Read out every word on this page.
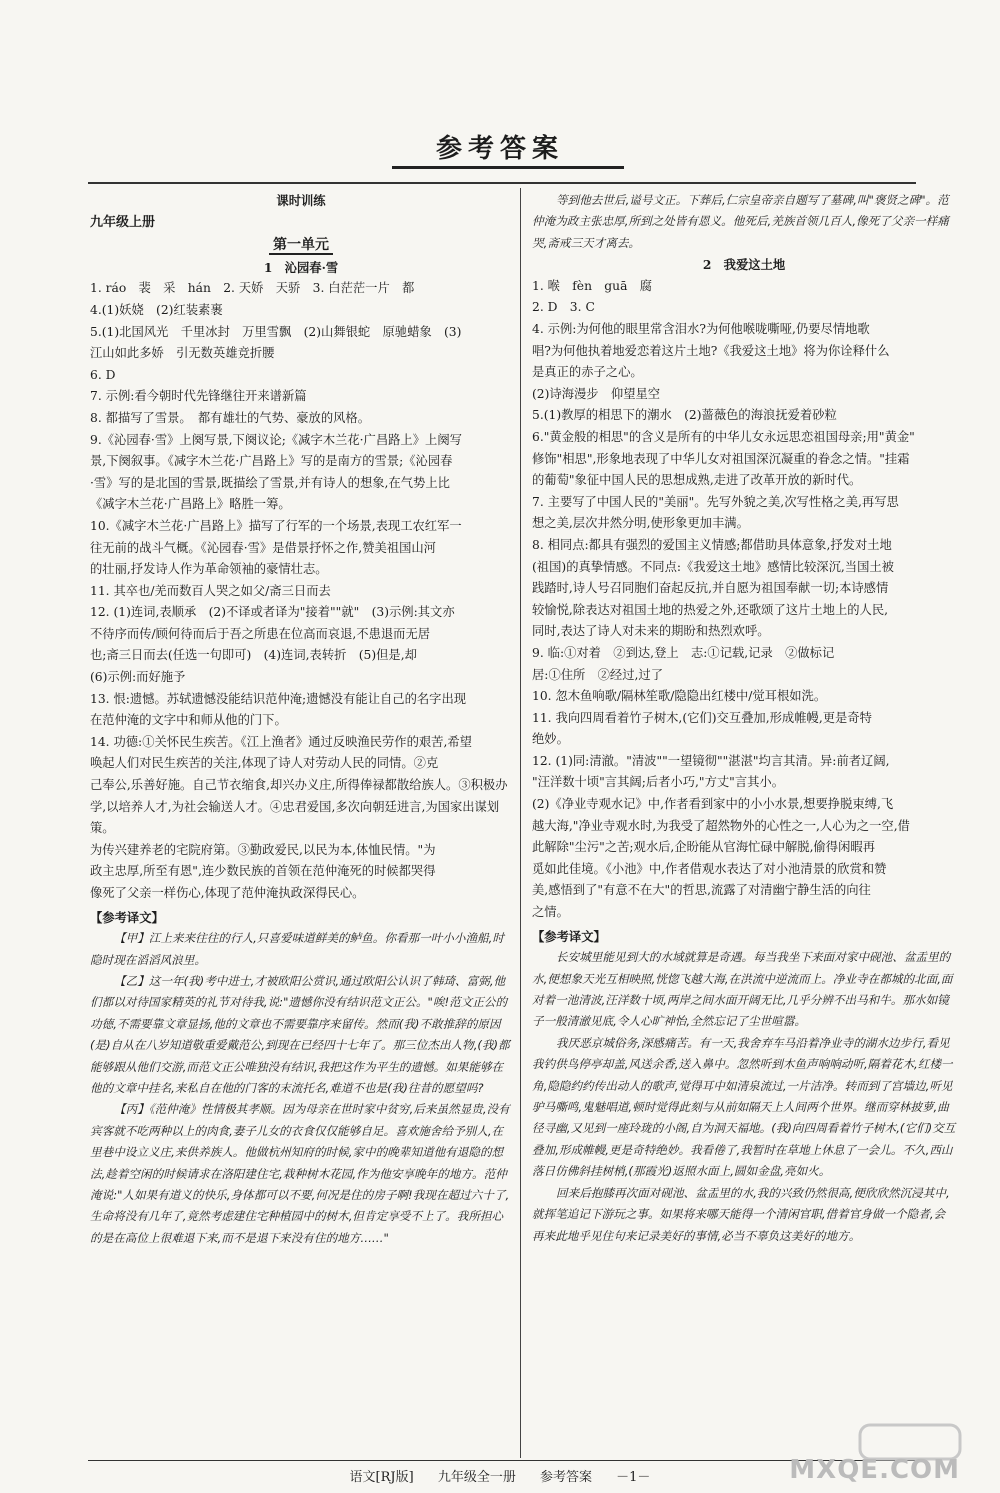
参考答案
课时训练
九年级上册
第一单元
1　沁园春·雪
1. ráo　裴　采　hán　2. 天娇　天骄　3. 白茫茫一片　都
4.(1)妖娆　(2)红装素裹
5.(1)北国风光　千里冰封　万里雪飘　(2)山舞银蛇　原驰蜡象　(3)
江山如此多娇　引无数英雄竞折腰
6. D
7. 示例:看今朝时代先锋继往开来谱新篇
8. 都描写了雪景。　都有雄壮的气势、豪放的风格。
9.《沁园春·雪》上阕写景,下阕议论;《减字木兰花·广昌路上》上阕写
景,下阕叙事。《减字木兰花·广昌路上》写的是南方的雪景;《沁园春
·雪》写的是北国的雪景,既描绘了雪景,并有诗人的想象,在气势上比
《减字木兰花·广昌路上》略胜一筹。
10.《减字木兰花·广昌路上》描写了行军的一个场景,表现工农红军一
往无前的战斗气概。《沁园春·雪》是借景抒怀之作,赞美祖国山河
的壮丽,抒发诗人作为革命领袖的豪情壮志。
11. 其卒也/羌而数百人哭之如父/斋三日而去
12. (1)连词,表顺承　(2)不译或者译为"接着""就"　(3)示例:其文亦
不待序而传/顾何待而后于吾之所患在位高而哀退,不患退而无居
也;斋三日而去(任选一句即可)　(4)连词,表转折　(5)但是,却
(6)示例:而好施予
13. 恨:遗憾。苏轼遗憾没能结识范仲淹;遗憾没有能让自己的名字出现
在范仲淹的文字中和师从他的门下。
14. 功德:①关怀民生疾苦。《江上渔者》通过反映渔民劳作的艰苦,希望
唤起人们对民生疾苦的关注,体现了诗人对劳动人民的同情。②克
己奉公,乐善好施。自己节衣缩食,却兴办义庄,所得俸禄都散给族人。③积极办学,以培养人才,为社会输送人才。④忠君爱国,多次向朝廷进言,为国家出谋划策。
为传兴建养老的宅院府第。③勤政爱民,以民为本,体恤民情。"为
政主忠厚,所至有恩",连少数民族的首领在范仲淹死的时候都哭得
像死了父亲一样伤心,体现了范仲淹执政深得民心。
【参考译文】

【甲】江上来来往往的行人,只喜爱味道鲜美的鲈鱼。你看那一叶小小渔船,时隐时现在滔滔风浪里。

【乙】这一年(我)考中进士,才被欧阳公赏识,通过欧阳公认识了韩琦、富弼,他们都以对待国家精英的礼节对待我,说:"遗憾你没有结识范文正公。"唉!范文正公的功德,不需要靠文章显扬,他的文章也不需要靠序来留传。然而(我)不敢推辞的原因(是)自从在八岁知道敬重爱戴范公,到现在已经四十七年了。那三位杰出人物,(我)都能够跟从他们交游,而范文正公唯独没有结识,我把这作为平生的遗憾。如果能够在他的文章中挂名,来私自在他的门客的末流托名,难道不也是(我)往昔的愿望吗?

【丙】《范仲淹》性情极其孝顺。因为母亲在世时家中贫穷,后来虽然显贵,没有宾客就不吃两种以上的肉食,妻子儿女的衣食仅仅能够自足。喜欢施舍给予别人,在里巷中设立义庄,来供养族人。他做杭州知府的时候,家中的晚辈知道他有退隐的想法,趁着空闲的时候请求在洛阳建住宅,栽种树木花园,作为他安享晚年的地方。范仲淹说:"人如果有道义的快乐,身体都可以不要,何况是住的房子啊!我现在超过六十了,生命将没有几年了,竟然考虑建住宅种植园中的树木,但肯定享受不上了。我所担心的是在高位上很难退下来,而不是退下来没有住的地方……"

等到他去世后,谥号文正。下葬后,仁宗皇帝亲自题写了墓碑,叫"褒贤之碑"。范仲淹为政主张忠厚,所到之处皆有恩义。他死后,羌族首领几百人,像死了父亲一样痛哭,斋戒三天才离去。

2　我爱这土地
1. 喉　fèn　guā　腐
2. D　3. C
4. 示例:为何他的眼里常含泪水?为何他喉咙嘶哑,仍要尽情地歌
唱?为何他执着地爱恋着这片土地?《我爱这土地》将为你诠释什么
是真正的赤子之心。
(2)诗海漫步　仰望星空
5.(1)教厚的相思下的潮水　(2)蔷薇色的海浪抚爱着砂粒
6."黄金般的相思"的含义是所有的中华儿女永远思恋祖国母亲;用"黄金"
修饰"相思",形象地表现了中华儿女对祖国深沉凝重的眷念之情。"挂霜
的葡萄"象征中国人民的思想成熟,走进了改革开放的新时代。
7. 主要写了中国人民的"美丽"。先写外貌之美,次写性格之美,再写思
想之美,层次井然分明,使形象更加丰满。
8. 相同点:都具有强烈的爱国主义情感;都借助具体意象,抒发对土地
(祖国)的真挚情感。不同点:《我爱这土地》感情比较深沉,当国土被
践踏时,诗人号召同胞们奋起反抗,并自愿为祖国奉献一切;本诗感情
较愉悦,除表达对祖国土地的热爱之外,还歌颂了这片土地上的人民,
同时,表达了诗人对未来的期盼和热烈欢呼。
9. 临:①对着　②到达,登上　志:①记载,记录　②做标记
居:①住所　②经过,过了
10. 忽木鱼响歌/隔林笙歌/隐隐出红楼中/觉耳根如洗。
11. 我向四周看着竹子树木,(它们)交互叠加,形成帷幔,更是奇特
绝妙。
12. (1)同:清澈。"清波""一望镜彻""湛湛"均言其清。异:前者辽阔,
"汪洋数十顷"言其阔;后者小巧,"方丈"言其小。
(2)《净业寺观水记》中,作者看到家中的小小水景,想要挣脱束缚,飞
越大海,"净业寺观水时,为我受了超然物外的心性之一,人心为之一空,借
此解除"尘污"之苦;观水后,企盼能从官海忙碌中解脱,偷得闲暇再
觅如此佳境。《小池》中,作者借观水表达了对小池清景的欣赏和赞
美,感悟到了"有意不在大"的哲思,流露了对清幽宁静生活的向往
之情。
【参考译文】

长安城里能见到大的水域就算是奇遇。每当我坐下来面对家中砚池、盆盂里的水,便想象天光互相映照,恍惚飞越大海,在洪流中逆流而上。净业寺在都城的北面,面对着一池清波,汪洋数十顷,两岸之间水面开阔无比,几乎分辨不出马和牛。那水如镜子一般清澈见底,令人心旷神怡,全然忘记了尘世喧嚣。

我厌恶京城俗务,深感痛苦。有一天,我舍弃车马沿着净业寺的湖水边步行,看见我钓供鸟停亭却盖,风送余香,送入鼻中。忽然听到木鱼声响响动听,隔着花木,红楼一角,隐隐约约传出动人的歌声,觉得耳中如清泉流过,一片洁净。转而到了宫墙边,听见驴马嘶鸣,鬼魅唱道,顿时觉得此刻与从前如隔天上人间两个世界。继而穿林披萝,曲径寻幽,又见到一座玲珑的小阁,自为洞天福地。(我)向四周看着竹子树木,(它们)交互叠加,形成帷幔,更是奇特绝妙。我看倦了,我暂时在草地上休息了一会儿。不久,西山落日仿佛斜挂树梢,(那霞光)返照水面上,圆如金盘,亮如火。

回来后抱膝再次面对砚池、盆盂里的水,我的兴致仍然很高,便欣欣然沉浸其中,就挥笔追记下游玩之事。如果将来哪天能得一个清闲官职,借着官身做一个隐者,会再来此地乎见住句来记录美好的事情,必当不辜负这美好的地方。

语文[RJ版] 九年级全一册 参考答案 －1－	MXQE.COM
